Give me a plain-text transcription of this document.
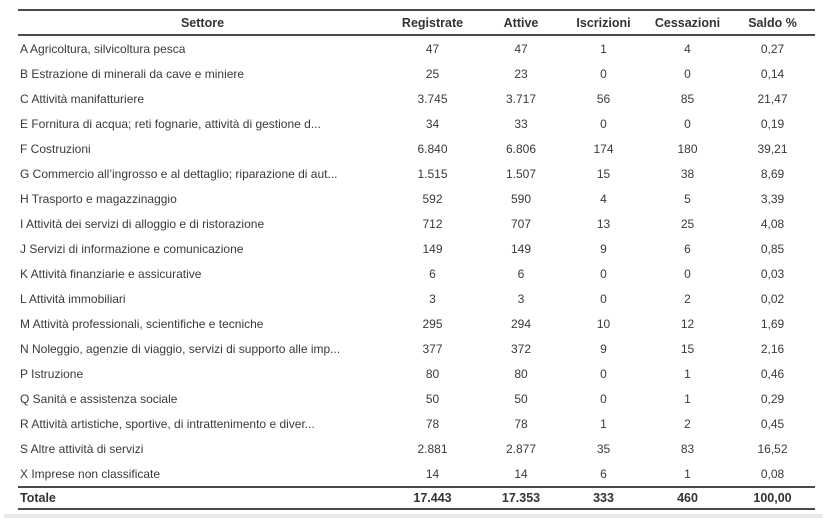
Settore	Registrate	Attive	Iscrizioni	Cessazioni	Saldo %
A Agricoltura, silvicoltura pesca	47	47	1	4	0,27
B Estrazione di minerali da cave e miniere	25	23	0	0	0,14
C Attività manifatturiere	3.745	3.717	56	85	21,47
E Fornitura di acqua; reti fognarie, attività di gestione d...	34	33	0	0	0,19
F Costruzioni	6.840	6.806	174	180	39,21
G Commercio all’ingrosso e al dettaglio; riparazione di aut...	1.515	1.507	15	38	8,69
H Trasporto e magazzinaggio	592	590	4	5	3,39
I Attività dei servizi di alloggio e di ristorazione	712	707	13	25	4,08
J Servizi di informazione e comunicazione	149	149	9	6	0,85
K Attività finanziarie e assicurative	6	6	0	0	0,03
L Attività immobiliari	3	3	0	2	0,02
M Attività professionali, scientifiche e tecniche	295	294	10	12	1,69
N Noleggio, agenzie di viaggio, servizi di supporto alle imp...	377	372	9	15	2,16
P Istruzione	80	80	0	1	0,46
Q Sanità e assistenza sociale	50	50	0	1	0,29
R Attività artistiche, sportive, di intrattenimento e diver...	78	78	1	2	0,45
S Altre attività di servizi	2.881	2.877	35	83	16,52
X Imprese non classificate	14	14	6	1	0,08
Totale	17.443	17.353	333	460	100,00
